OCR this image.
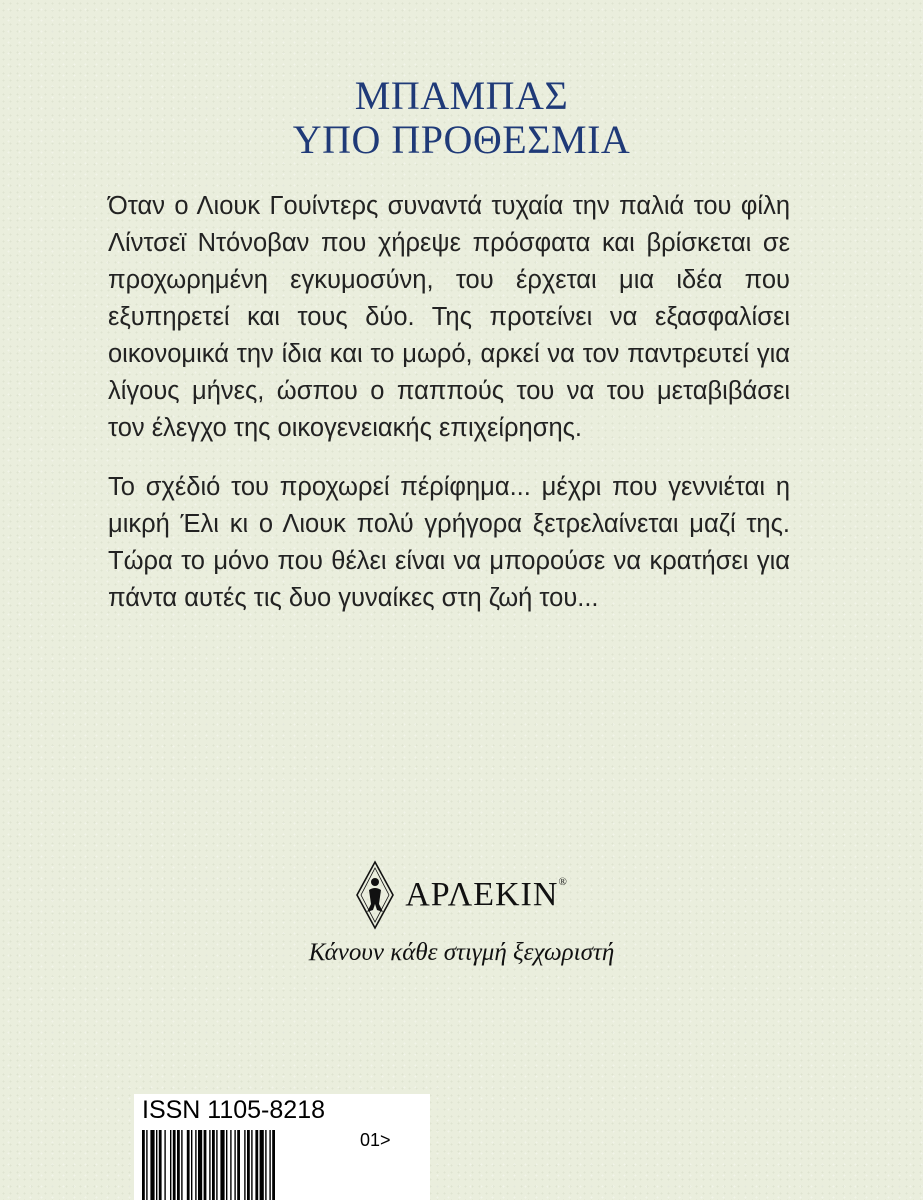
ΜΠΑΜΠΑΣ
ΥΠΟ ΠΡΟΘΕΣΜΙΑ

Όταν ο Λιουκ Γουίντερς συναντά τυχαία την παλιά του φίλη Λίντσεϊ Ντόνοβαν που χήρεψε πρόσφατα και βρίσκεται σε προχωρημένη εγκυμοσύνη, του έρχεται μια ιδέα που εξυπηρετεί και τους δύο. Της προτείνει να εξασφαλίσει οικονομικά την ίδια και το μωρό, αρκεί να τον παντρευτεί για λίγους μήνες, ώσπου ο παππούς του να του μεταβιβάσει τον έλεγχο της οικογενειακής επιχείρησης.

Το σχέδιό του προχωρεί πέρίφημα... μέχρι που γεννιέται η μικρή Έλι κι ο Λιουκ πολύ γρήγορα ξετρελαίνεται μαζί της. Τώρα το μόνο που θέλει είναι να μπορούσε να κρατήσει για πάντα αυτές τις δυο γυναίκες στη ζωή του...

ΑΡΛΕΚΙΝ®
Κάνουν κάθε στιγμή ξεχωριστή
ISSN 1105-8218
01>
